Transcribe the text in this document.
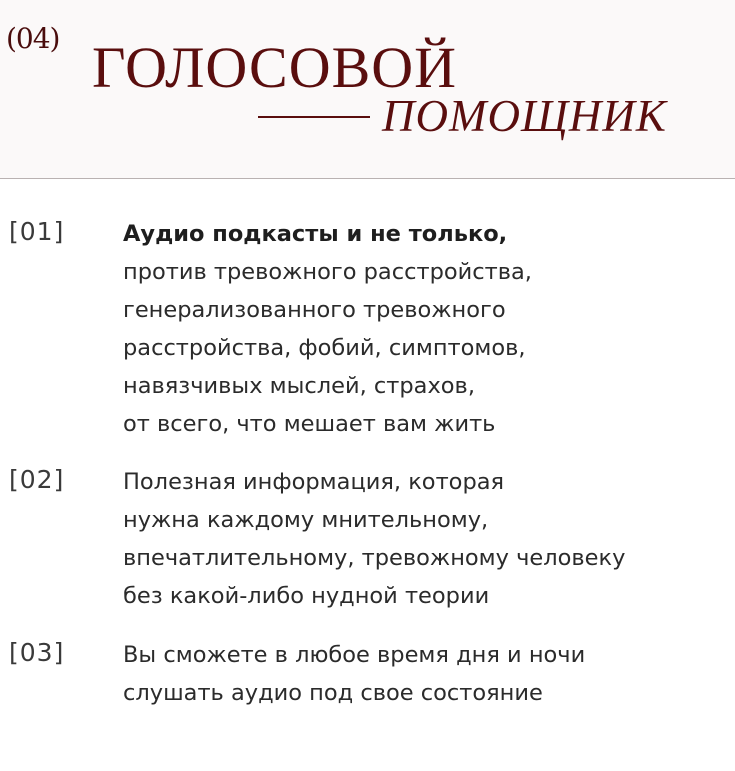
(04) ГОЛОСОВОЙ
ПОМОЩНИК
[01]	Аудио подкасты и не только,
против тревожного расстройства,
генерализованного тревожного
расстройства, фобий, симптомов,
навязчивых мыслей, страхов,
от всего, что мешает вам жить
[02]	Полезная информация, которая
нужна каждому мнительному,
впечатлительному, тревожному человеку
без какой-либо нудной теории
[03]	Вы сможете в любое время дня и ночи
слушать аудио под свое состояние
